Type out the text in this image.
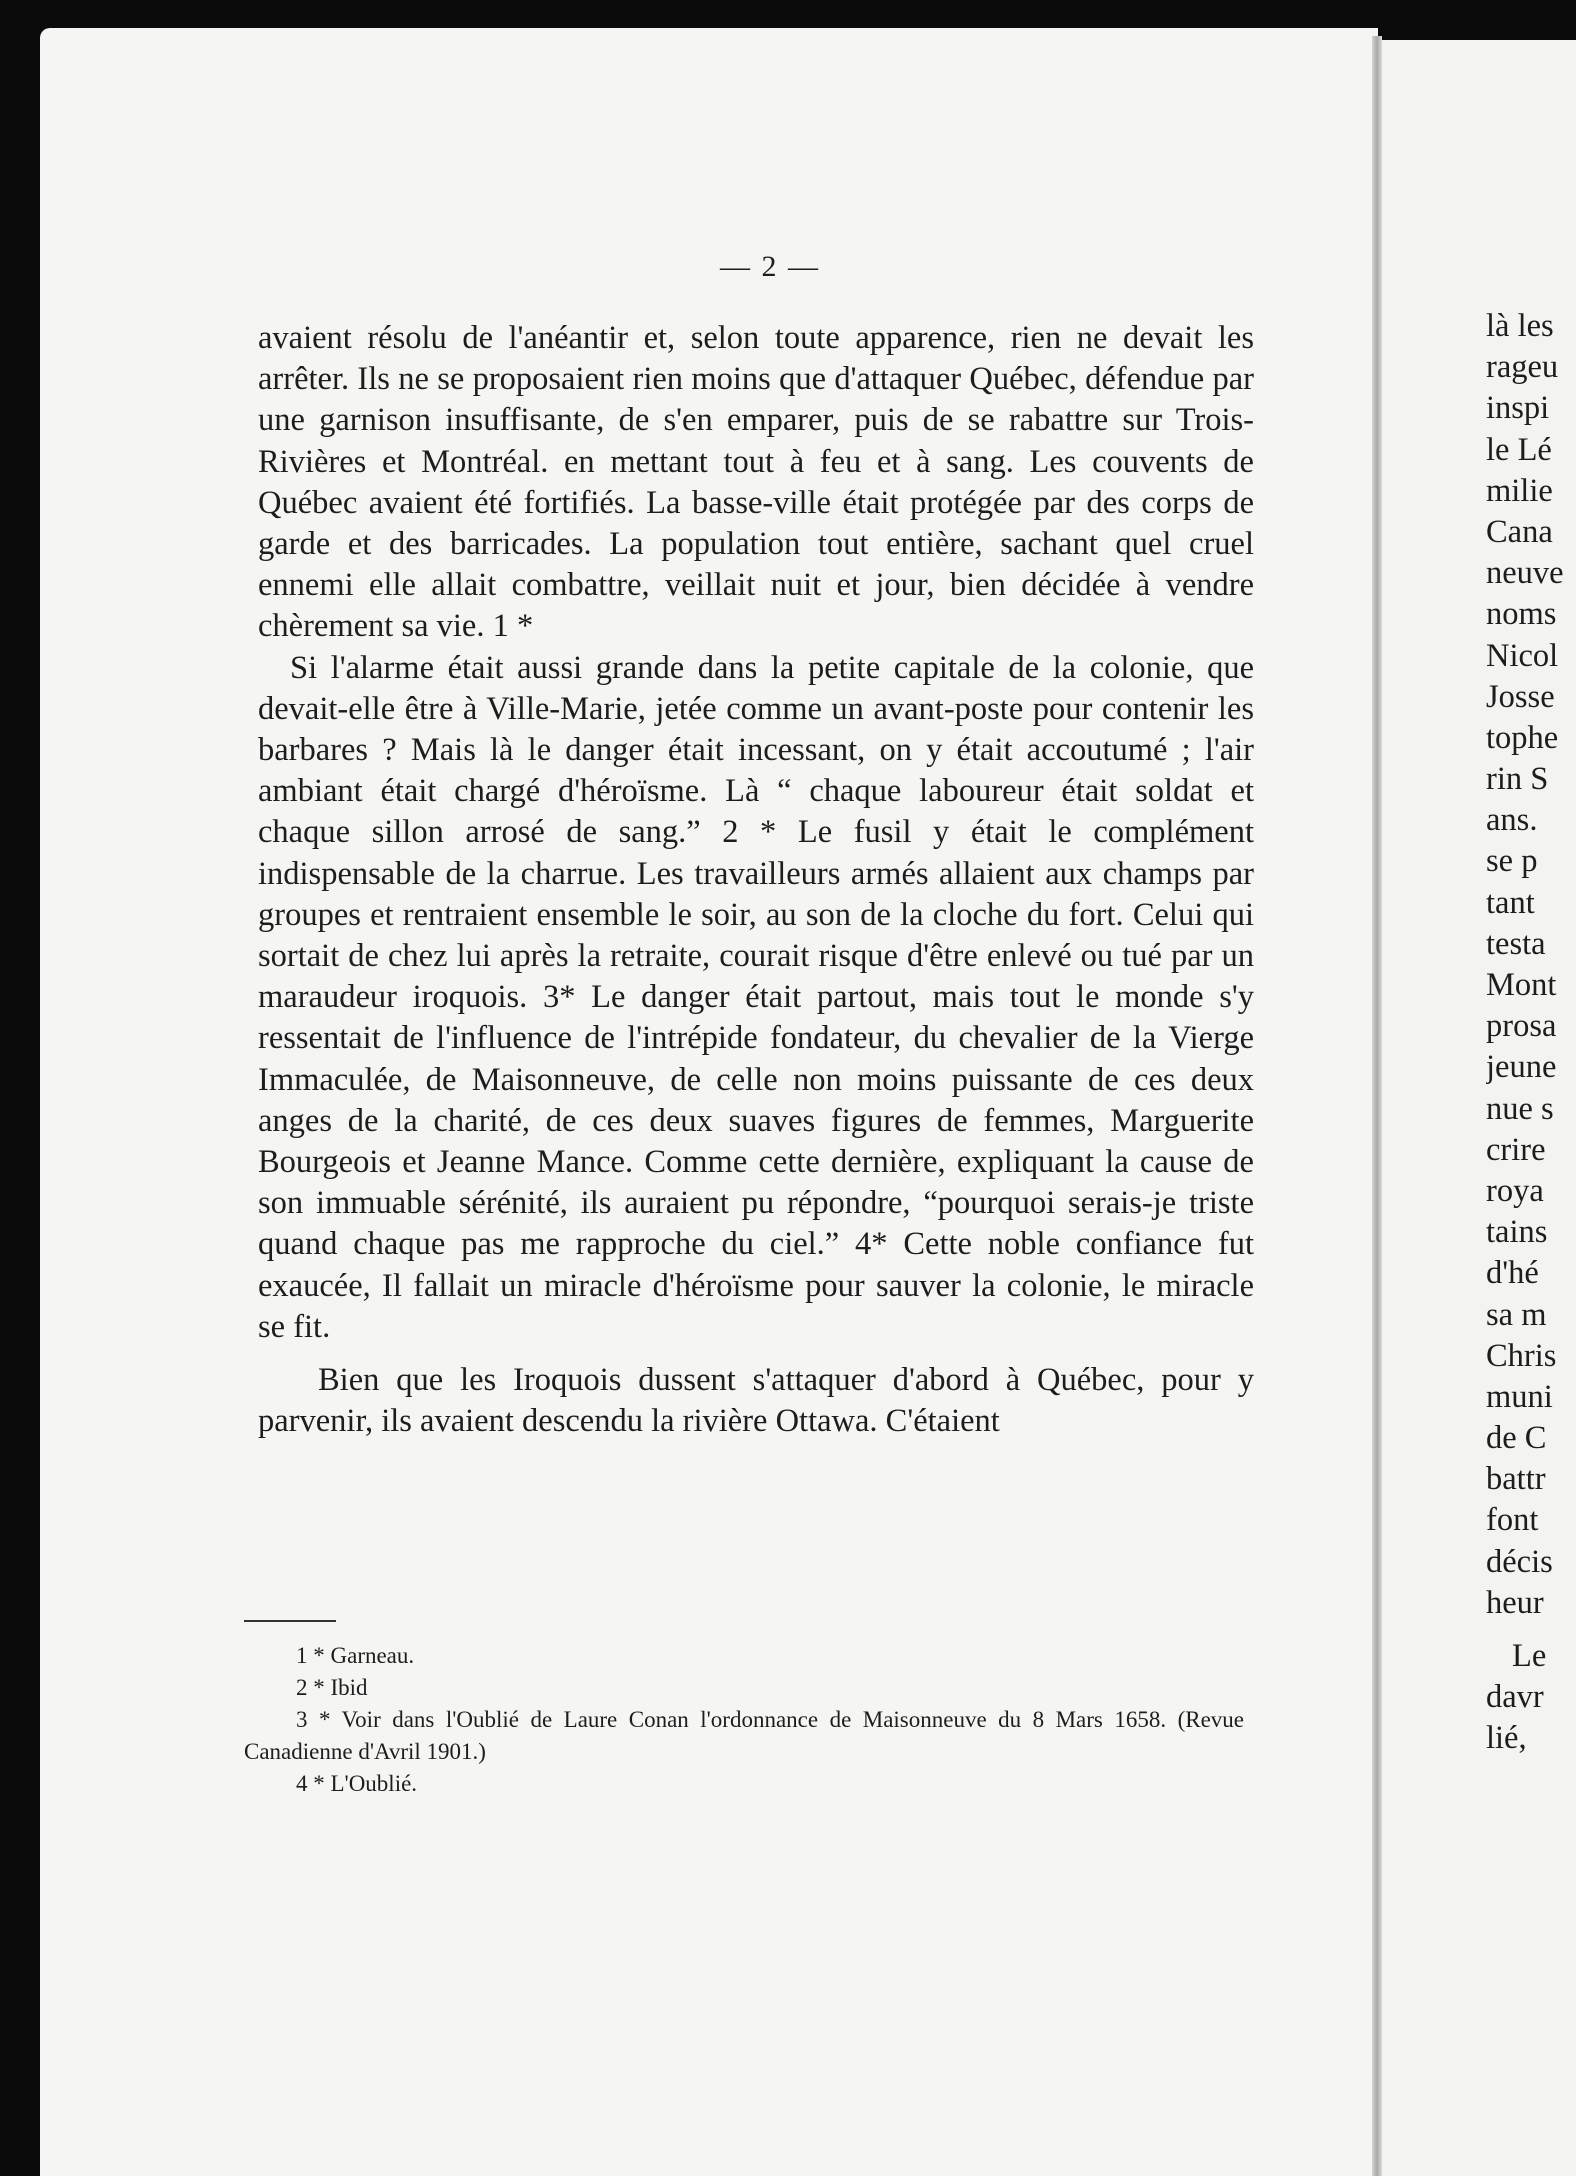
— 2 —

avaient résolu de l'anéantir et, selon toute apparence, rien ne devait les arrêter. Ils ne se proposaient rien moins que d'attaquer Québec, défendue par une garnison insuffisante, de s'en emparer, puis de se rabattre sur Trois-Rivières et Montréal. en mettant tout à feu et à sang. Les couvents de Québec avaient été fortifiés. La basse-ville était protégée par des corps de garde et des barricades. La population tout entière, sachant quel cruel ennemi elle allait combattre, veillait nuit et jour, bien décidée à vendre chèrement sa vie. 1 *

Si l'alarme était aussi grande dans la petite capitale de la colonie, que devait-elle être à Ville-Marie, jetée comme un avant-poste pour contenir les barbares ? Mais là le danger était incessant, on y était accoutumé ; l'air ambiant était chargé d'héroïsme. Là “ chaque laboureur était soldat et chaque sillon arrosé de sang.” 2 * Le fusil y était le complément indispensable de la charrue. Les travailleurs armés allaient aux champs par groupes et rentraient ensemble le soir, au son de la cloche du fort. Celui qui sortait de chez lui après la retraite, courait risque d'être enlevé ou tué par un maraudeur iroquois. 3* Le danger était partout, mais tout le monde s'y ressentait de l'influence de l'intrépide fondateur, du chevalier de la Vierge Immaculée, de Maisonneuve, de celle non moins puissante de ces deux anges de la charité, de ces deux suaves figures de femmes, Marguerite Bourgeois et Jeanne Mance. Comme cette dernière, expliquant la cause de son immuable sérénité, ils auraient pu répondre, “pourquoi serais-je triste quand chaque pas me rapproche du ciel.” 4* Cette noble confiance fut exaucée, Il fallait un miracle d'héroïsme pour sauver la colonie, le miracle se fit.

Bien que les Iroquois dussent s'attaquer d'abord à Québec, pour y parvenir, ils avaient descendu la rivière Ottawa. C'étaient

1 * Garneau.

2 * Ibid

3 * Voir dans l'Oublié de Laure Conan l'ordonnance de Maisonneuve du 8 Mars 1658. (Revue Canadienne d'Avril 1901.)

4 * L'Oublié.

là les
rageu
inspi
le Lé
milie
Cana
neuve
noms
Nicol
Josse
tophe
rin S
ans.
se p
tant
testa
Mont
prosa
jeune
nue s
crire
roya
tains
d'hé
sa m
Chris
muni
de C
battr
font
décis
heur
Le
davr
lié,
